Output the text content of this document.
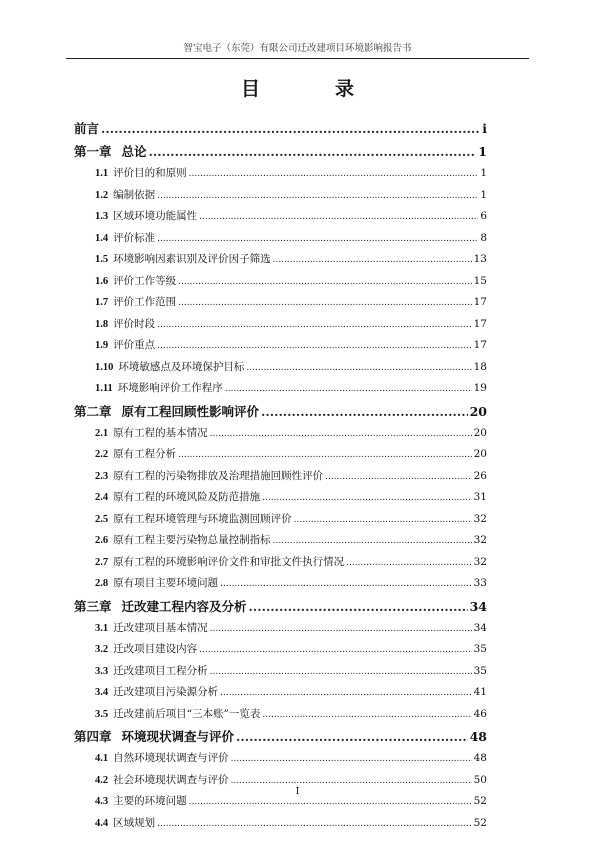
智宝电子（东莞）有限公司迁改建项目环境影响报告书
目　录
前言 .....	i
第一章 总论 .....	1
1.1 评价目的和原则 .....	1
1.2 编制依据 .....	1
1.3 区域环境功能属性 .....	6
1.4 评价标准 .....	8
1.5 环境影响因素识别及评价因子筛选 .....	13
1.6 评价工作等级 .....	15
1.7 评价工作范围 .....	17
1.8 评价时段 .....	17
1.9 评价重点 .....	17
1.10 环境敏感点及环境保护目标 .....	18
1.11 环境影响评价工作程序 .....	19
第二章 原有工程回顾性影响评价 .....	20
2.1 原有工程的基本情况 .....	20
2.2 原有工程分析 .....	20
2.3 原有工程的污染物排放及治理措施回顾性评价 .....	26
2.4 原有工程的环境风险及防范措施 .....	31
2.5 原有工程环境管理与环境监测回顾评价 .....	32
2.6 原有工程主要污染物总量控制指标 .....	32
2.7 原有工程的环境影响评价文件和审批文件执行情况 .....	32
2.8 原有项目主要环境问题 .....	33
第三章 迁改建工程内容及分析 .....	34
3.1 迁改建项目基本情况 .....	34
3.2 迁改项目建设内容 .....	35
3.3 迁改建项目工程分析 .....	35
3.4 迁改建项目污染源分析 .....	41
3.5 迁改建前后项目“三本账”一览表 .....	46
第四章 环境现状调查与评价 .....	48
4.1 自然环境现状调查与评价 .....	48
4.2 社会环境现状调查与评价 .....	50
4.3 主要的环境问题 .....	52
4.4 区域规划 .....	52
I
